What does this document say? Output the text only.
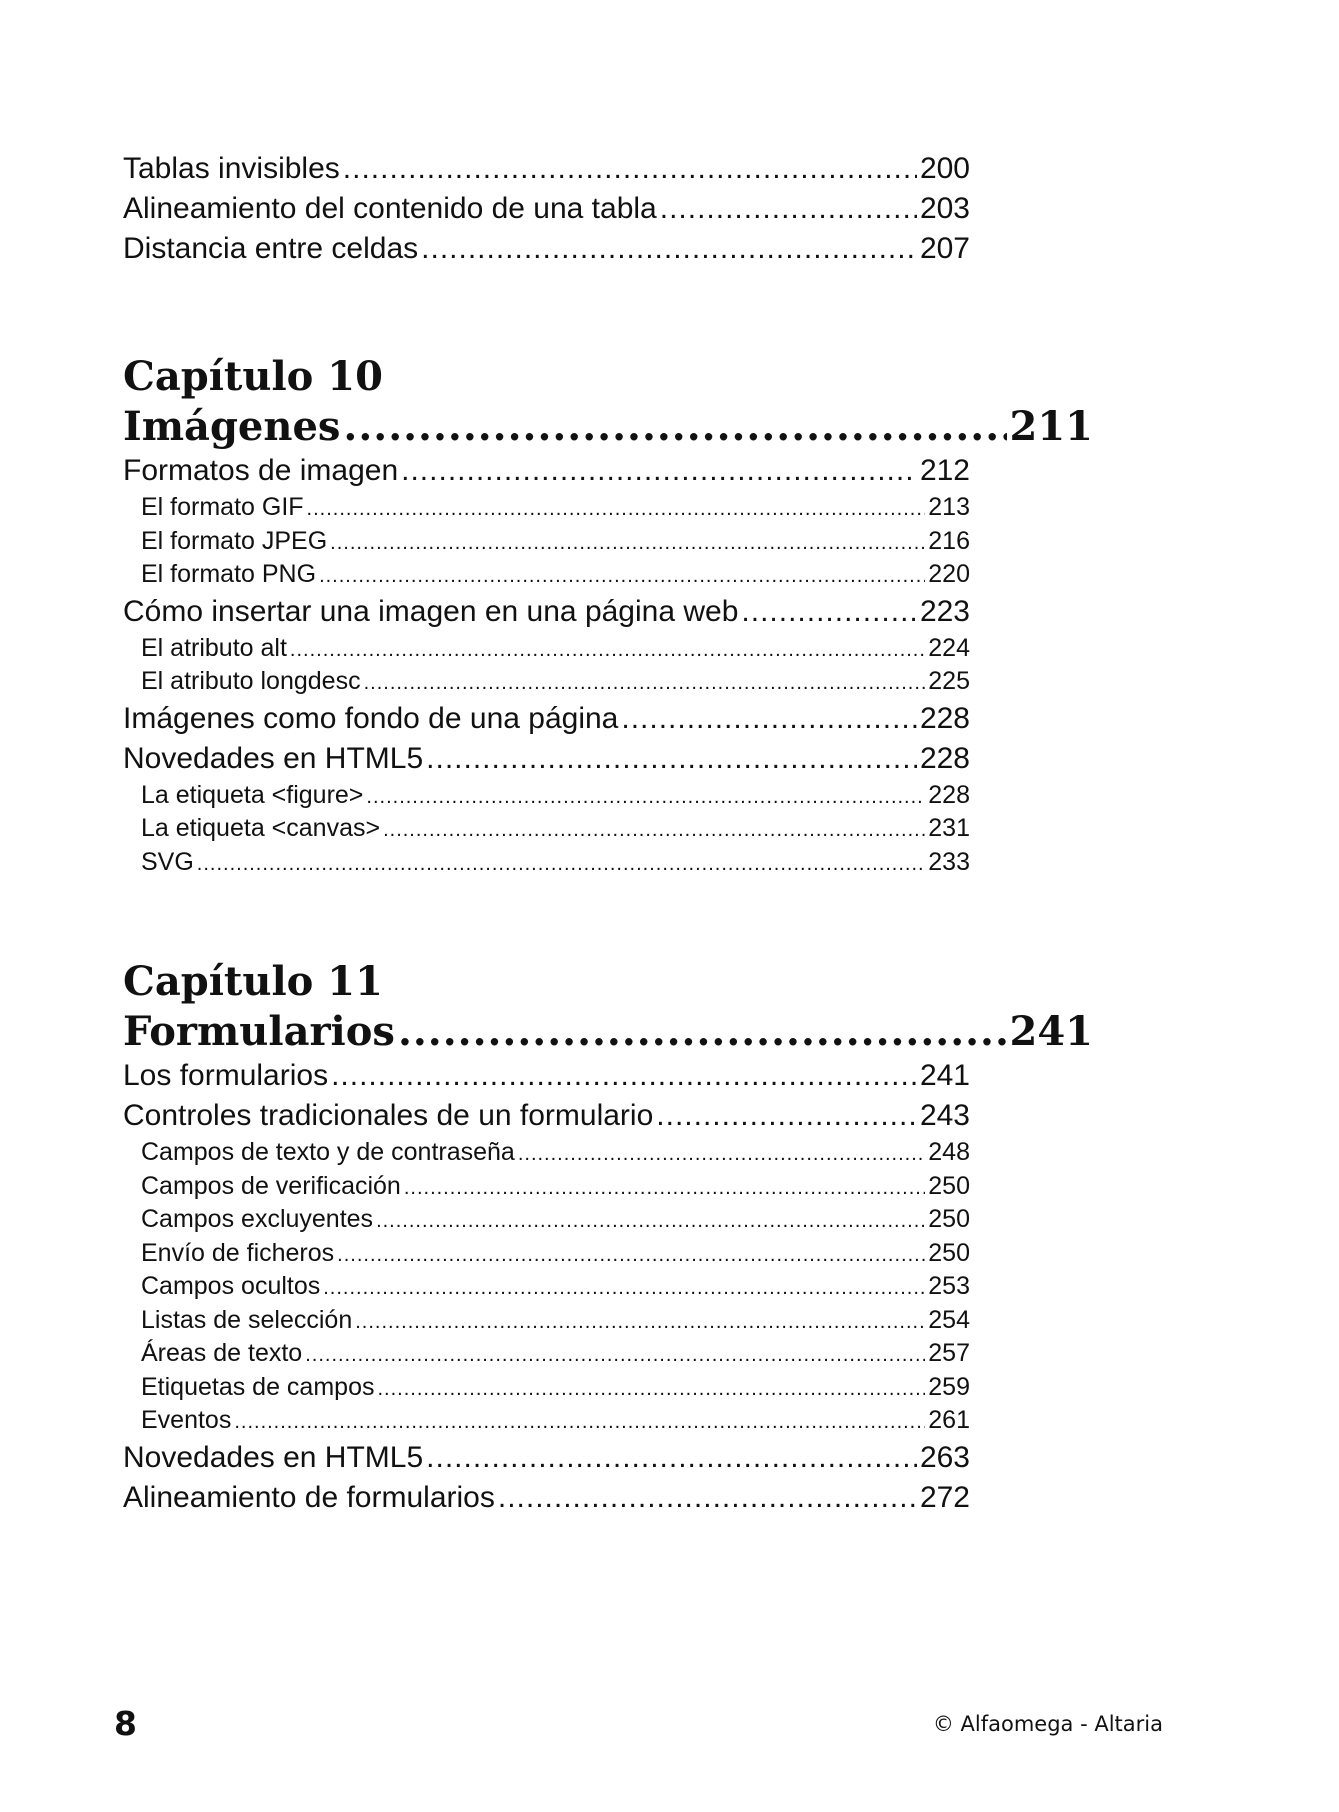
Tablas invisibles .....	200
Alineamiento del contenido de una tabla .....	203
Distancia entre celdas .....	207
Capítulo 10
Imágenes .....	211
Formatos de imagen .....	212
El formato GIF .....	213
El formato JPEG .....	216
El formato PNG .....	220
Cómo insertar una imagen en una página web .....	223
El atributo alt .....	224
El atributo longdesc .....	225
Imágenes como fondo de una página .....	228
Novedades en HTML5 .....	228
La etiqueta <figure> .....	228
La etiqueta <canvas> .....	231
SVG .....	233
Capítulo 11
Formularios .....	241
Los formularios .....	241
Controles tradicionales de un formulario .....	243
Campos de texto y de contraseña .....	248
Campos de verificación .....	250
Campos excluyentes .....	250
Envío de ficheros .....	250
Campos ocultos .....	253
Listas de selección .....	254
Áreas de texto .....	257
Etiquetas de campos .....	259
Eventos .....	261
Novedades en HTML5 .....	263
Alineamiento de formularios .....	272
8	© Alfaomega - Altaria
